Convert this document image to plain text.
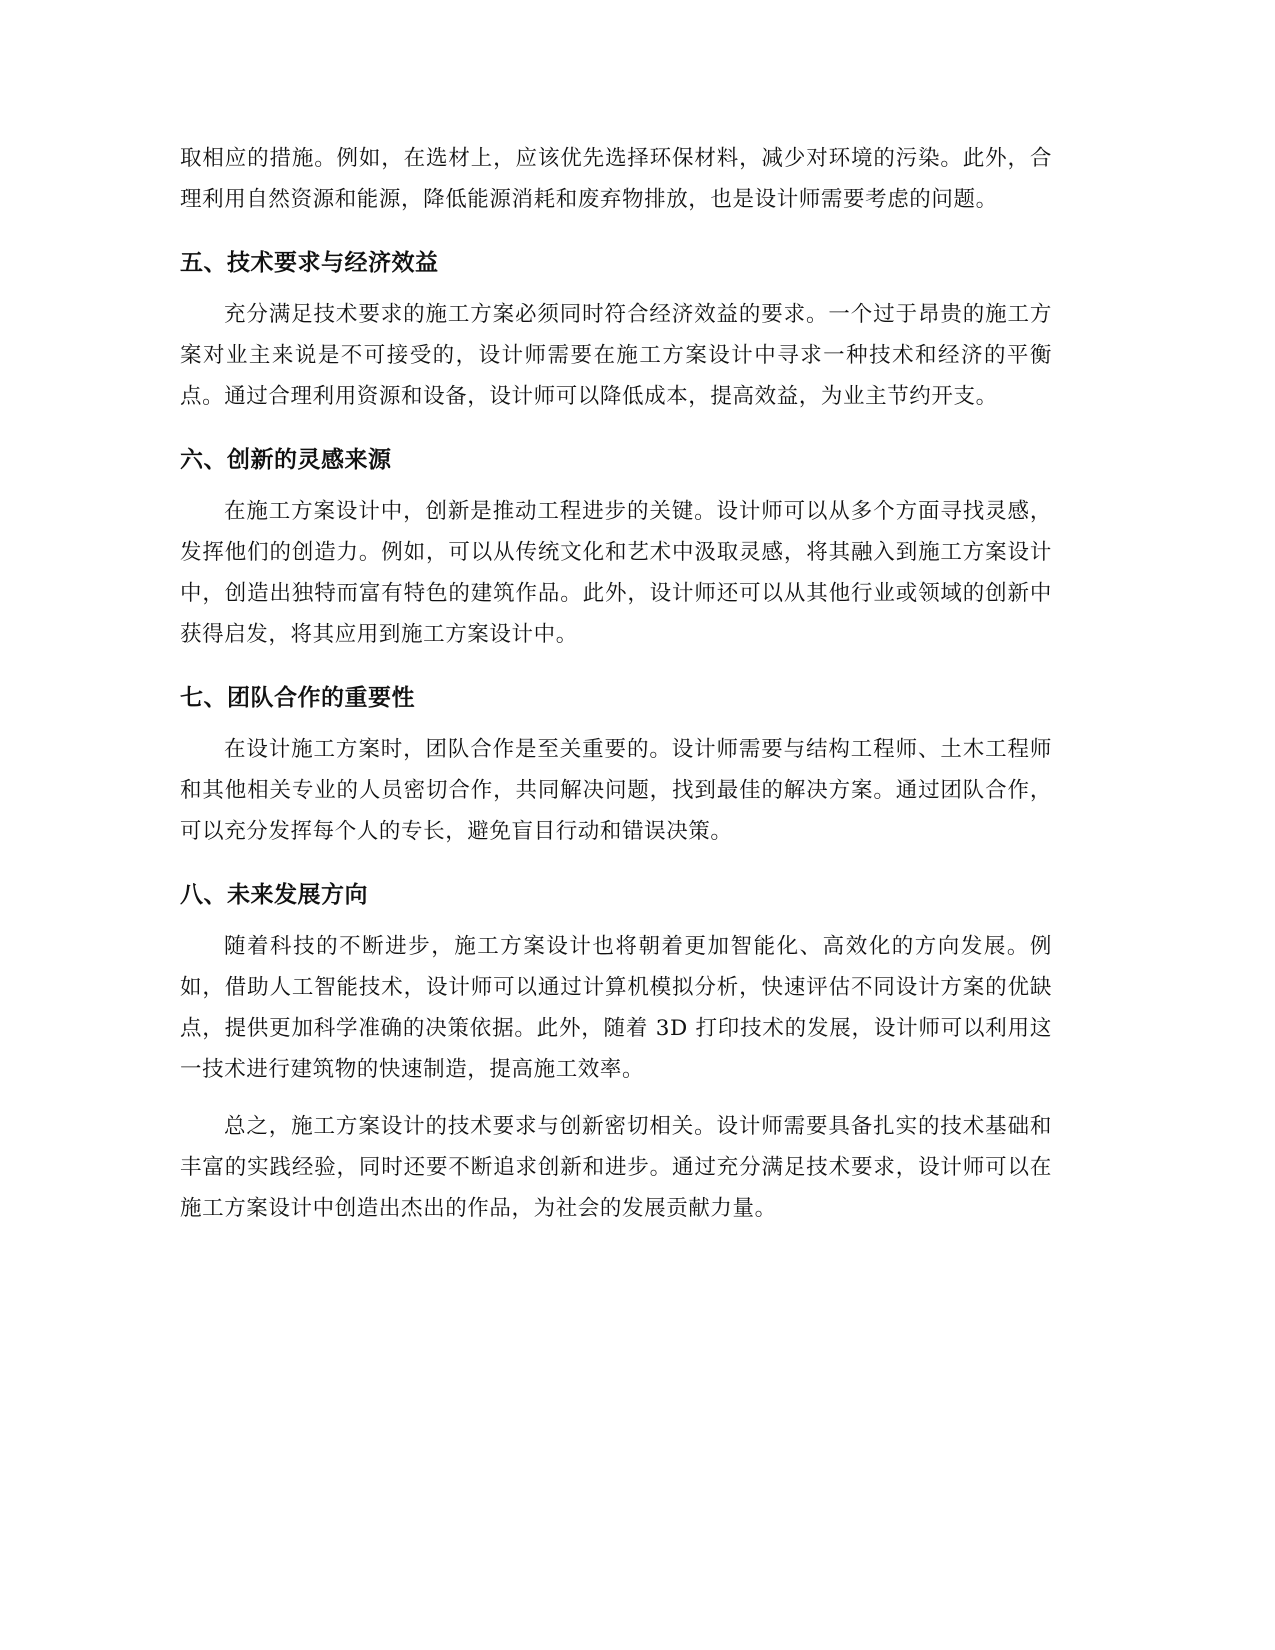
取相应的措施。例如，在选材上，应该优先选择环保材料，减少对环境的污染。此外，合理利用自然资源和能源，降低能源消耗和废弃物排放，也是设计师需要考虑的问题。

五、技术要求与经济效益

充分满足技术要求的施工方案必须同时符合经济效益的要求。一个过于昂贵的施工方案对业主来说是不可接受的，设计师需要在施工方案设计中寻求一种技术和经济的平衡点。通过合理利用资源和设备，设计师可以降低成本，提高效益，为业主节约开支。

六、创新的灵感来源

在施工方案设计中，创新是推动工程进步的关键。设计师可以从多个方面寻找灵感，发挥他们的创造力。例如，可以从传统文化和艺术中汲取灵感，将其融入到施工方案设计中，创造出独特而富有特色的建筑作品。此外，设计师还可以从其他行业或领域的创新中获得启发，将其应用到施工方案设计中。

七、团队合作的重要性

在设计施工方案时，团队合作是至关重要的。设计师需要与结构工程师、土木工程师和其他相关专业的人员密切合作，共同解决问题，找到最佳的解决方案。通过团队合作，可以充分发挥每个人的专长，避免盲目行动和错误决策。

八、未来发展方向

随着科技的不断进步，施工方案设计也将朝着更加智能化、高效化的方向发展。例如，借助人工智能技术，设计师可以通过计算机模拟分析，快速评估不同设计方案的优缺点，提供更加科学准确的决策依据。此外，随着 3D 打印技术的发展，设计师可以利用这一技术进行建筑物的快速制造，提高施工效率。

总之，施工方案设计的技术要求与创新密切相关。设计师需要具备扎实的技术基础和丰富的实践经验，同时还要不断追求创新和进步。通过充分满足技术要求，设计师可以在施工方案设计中创造出杰出的作品，为社会的发展贡献力量。
